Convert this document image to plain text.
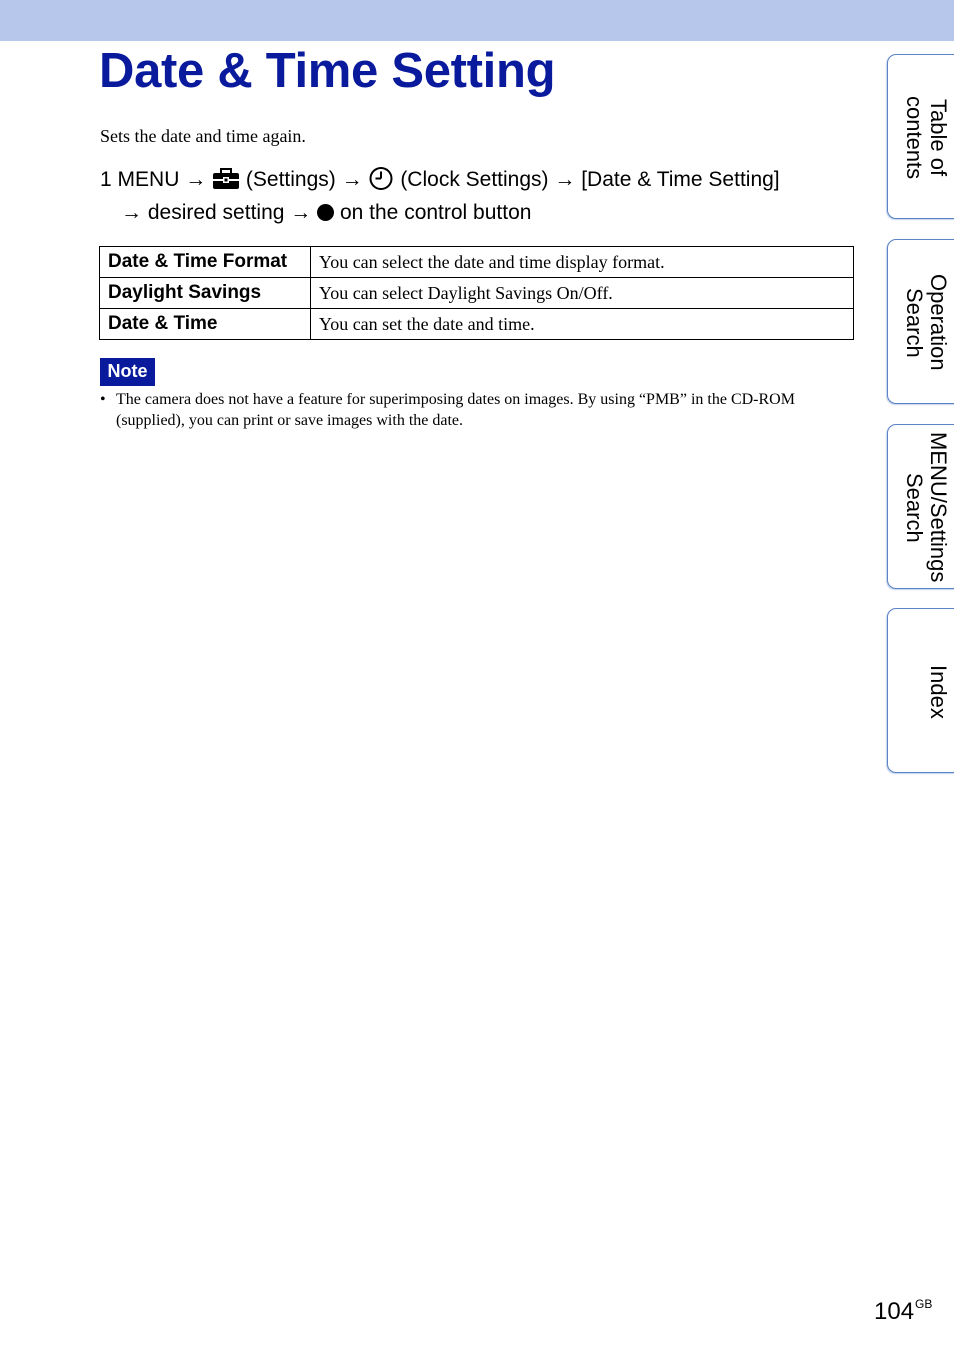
Date & Time Setting
Sets the date and time again.
1 MENU → (Settings) → (Clock Settings) → [Date & Time Setting]
→ desired setting → on the control button
Date & Time Format	You can select the date and time display format.
Daylight Savings	You can select Daylight Savings On/Off.
Date & Time	You can set the date and time.
Note
• The camera does not have a feature for superimposing dates on images. By using “PMB” in the CD-ROM (supplied), you can print or save images with the date.
Table of
contents
Operation
Search
MENU/Settings
Search
Index
$104^{GB}$
